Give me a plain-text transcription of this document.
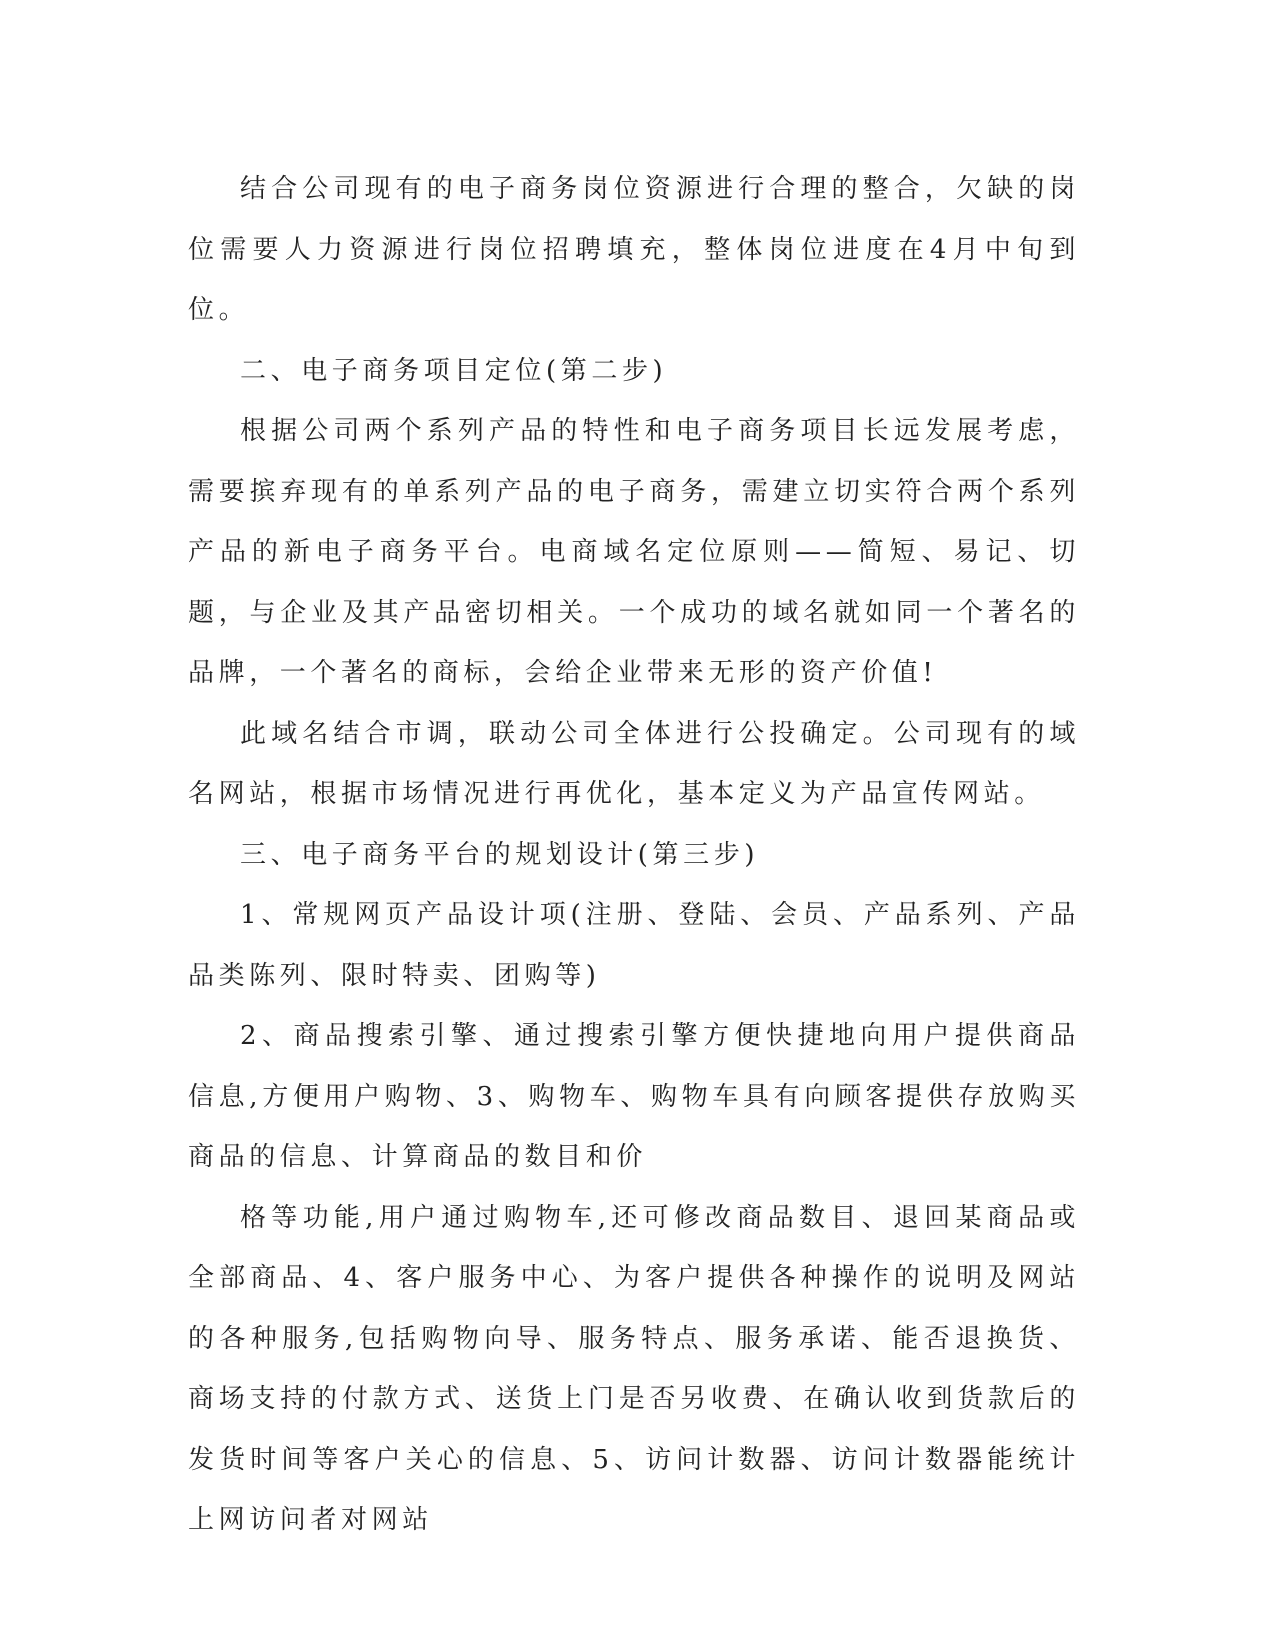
结合公司现有的电子商务岗位资源进行合理的整合，欠缺的岗位需要人力资源进行岗位招聘填充，整体岗位进度在4月中旬到位。

二、电子商务项目定位(第二步)

根据公司两个系列产品的特性和电子商务项目长远发展考虑，需要摈弃现有的单系列产品的电子商务，需建立切实符合两个系列产品的新电子商务平台。电商域名定位原则——简短、易记、切题，与企业及其产品密切相关。一个成功的域名就如同一个著名的品牌，一个著名的商标，会给企业带来无形的资产价值!

此域名结合市调，联动公司全体进行公投确定。公司现有的域名网站，根据市场情况进行再优化，基本定义为产品宣传网站。

三、电子商务平台的规划设计(第三步)

1、常规网页产品设计项(注册、登陆、会员、产品系列、产品品类陈列、限时特卖、团购等)

2、商品搜索引擎、通过搜索引擎方便快捷地向用户提供商品信息,方便用户购物、3、购物车、购物车具有向顾客提供存放购买商品的信息、计算商品的数目和价

格等功能,用户通过购物车,还可修改商品数目、退回某商品或全部商品、4、客户服务中心、为客户提供各种操作的说明及网站的各种服务,包括购物向导、服务特点、服务承诺、能否退换货、商场支持的付款方式、送货上门是否另收费、在确认收到货款后的发货时间等客户关心的信息、5、访问计数器、访问计数器能统计上网访问者对网站
